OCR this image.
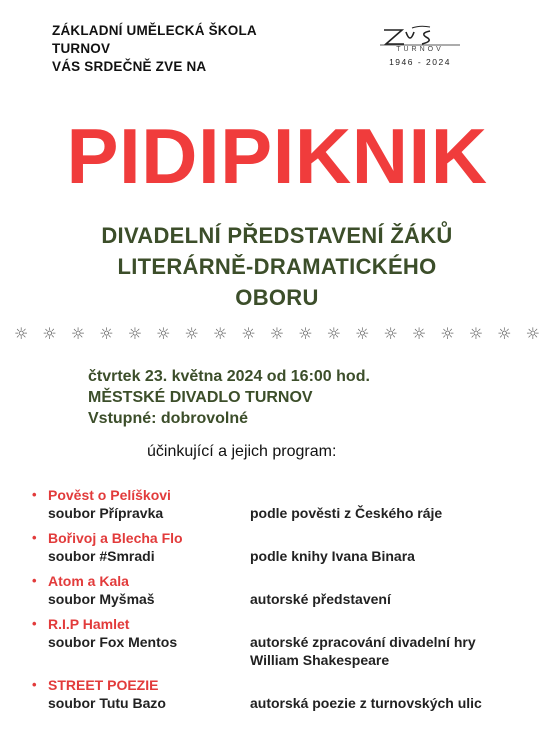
ZÁKLADNÍ UMĚLECKÁ ŠKOLA
TURNOV
VÁS SRDEČNĚ ZVE NA
TURNOV
1946 - 2024
PIDIPIKNIK
DIVADELNÍ PŘEDSTAVENÍ ŽÁKŮ
LITERÁRNĚ-DRAMATICKÉHO
OBORU
☼ ☼ ☼ ☼ ☼ ☼ ☼ ☼ ☼ ☼ ☼ ☼ ☼ ☼ ☼ ☼ ☼ ☼ ☼
čtvrtek 23. května 2024 od 16:00 hod.
MĚSTSKÉ DIVADLO TURNOV
Vstupné: dobrovolné
účinkující a jejich program:
• Pověst o Pelíškovi
soubor Přípravka	podle pověsti z Českého ráje
• Bořivoj a Blecha Flo
soubor #Smradi	podle knihy Ivana Binara
• Atom a Kala
soubor Myšmaš	autorské představení
• R.I.P Hamlet
soubor Fox Mentos	autorské zpracování divadelní hry
William Shakespeare
• STREET POEZIE
soubor Tutu Bazo	autorská poezie z turnovských ulic
